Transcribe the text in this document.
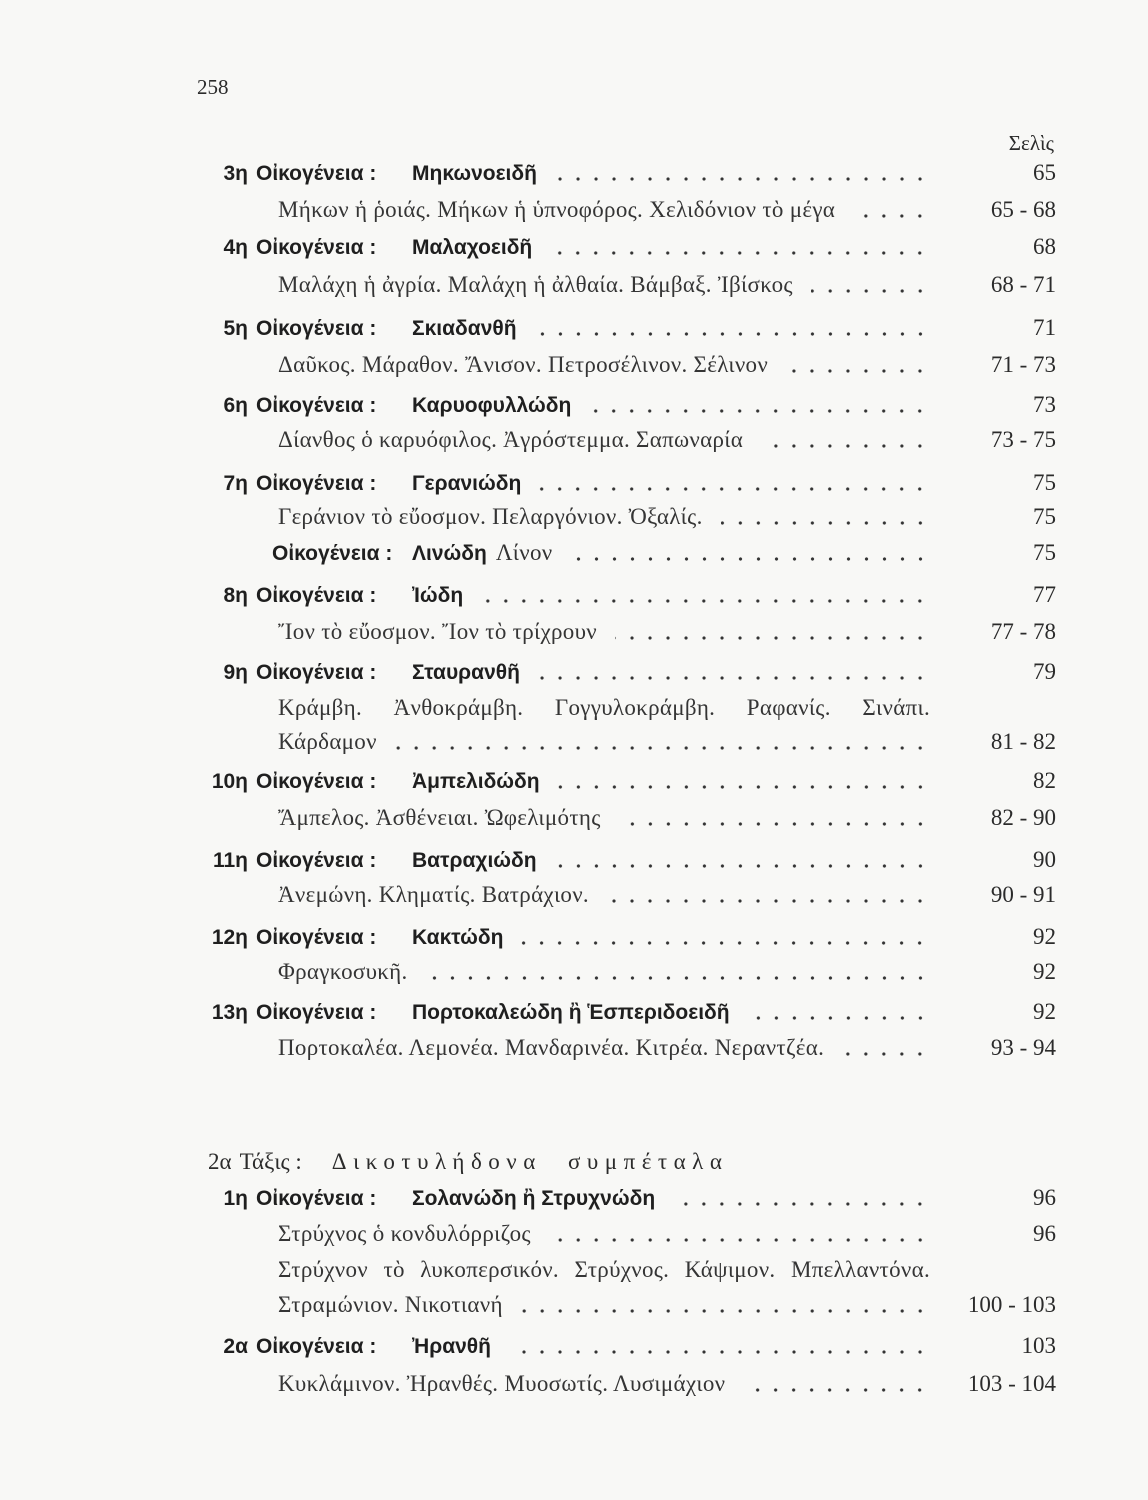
258
Σελὶς
3η Οἰκογένεια :	Μηκωνοειδῆ	65
Μήκων ἡ ῥοιάς. Μήκων ἡ ὑπνοφόρος. Χελιδόνιον τὸ μέγα	65 - 68
4η Οἰκογένεια :	Μαλαχοειδῆ	68
Μαλάχη ἡ ἀγρία. Μαλάχη ἡ ἀλθαία. Βάμβαξ. Ἰβίσκος	68 - 71
5η Οἰκογένεια :	Σκιαδανθῆ	71
Δαῦκος. Μάραθον. Ἄνισον. Πετροσέλινον. Σέλινον	71 - 73
6η Οἰκογένεια :	Καρυοφυλλώδη	73
Δίανθος ὁ καρυόφιλος. Ἀγρόστεμμα. Σαπωναρία	73 - 75
7η Οἰκογένεια :	Γερανιώδη	75
Γεράνιον τὸ εὔοσμον. Πελαργόνιον. Ὀξαλίς.	75
Οἰκογένεια : Λινώδη Λίνον	75
8η Οἰκογένεια :	Ἰώδη	77
Ἴον τὸ εὔοσμον. Ἴον τὸ τρίχρουν	77 - 78
9η Οἰκογένεια :	Σταυρανθῆ	79
Κράμβη. Ἀνθοκράμβη. Γογγυλοκράμβη. Ραφανίς. Σινάπι.
Κάρδαμον	81 - 82
10η Οἰκογένεια :	Ἀμπελιδώδη	82
Ἄμπελος. Ἀσθένειαι. Ὠφελιμότης	82 - 90
11η Οἰκογένεια :	Βατραχιώδη	90
Ἀνεμώνη. Κληματίς. Βατράχιον.	90 - 91
12η Οἰκογένεια :	Κακτώδη	92
Φραγκοσυκῆ.	92
13η Οἰκογένεια :	Πορτοκαλεώδη ἢ Ἑσπεριδοειδῆ	92
Πορτοκαλέα. Λεμονέα. Μανδαρινέα. Κιτρέα. Νεραντζέα.	93 - 94
2α Τάξις : Δικοτυλήδονα συμπέταλα
1η Οἰκογένεια :	Σολανώδη ἢ Στρυχνώδη	96
Στρύχνος ὁ κονδυλόρριζος	96
Στρύχνον τὸ λυκοπερσικόν. Στρύχνος. Κάψιμον. Μπελλαντόνα.
Στραμώνιον. Νικοτιανή	100 - 103
2α Οἰκογένεια :	Ἠρανθῆ	103
Κυκλάμινον. Ἠρανθές. Μυοσωτίς. Λυσιμάχιον	103 - 104
